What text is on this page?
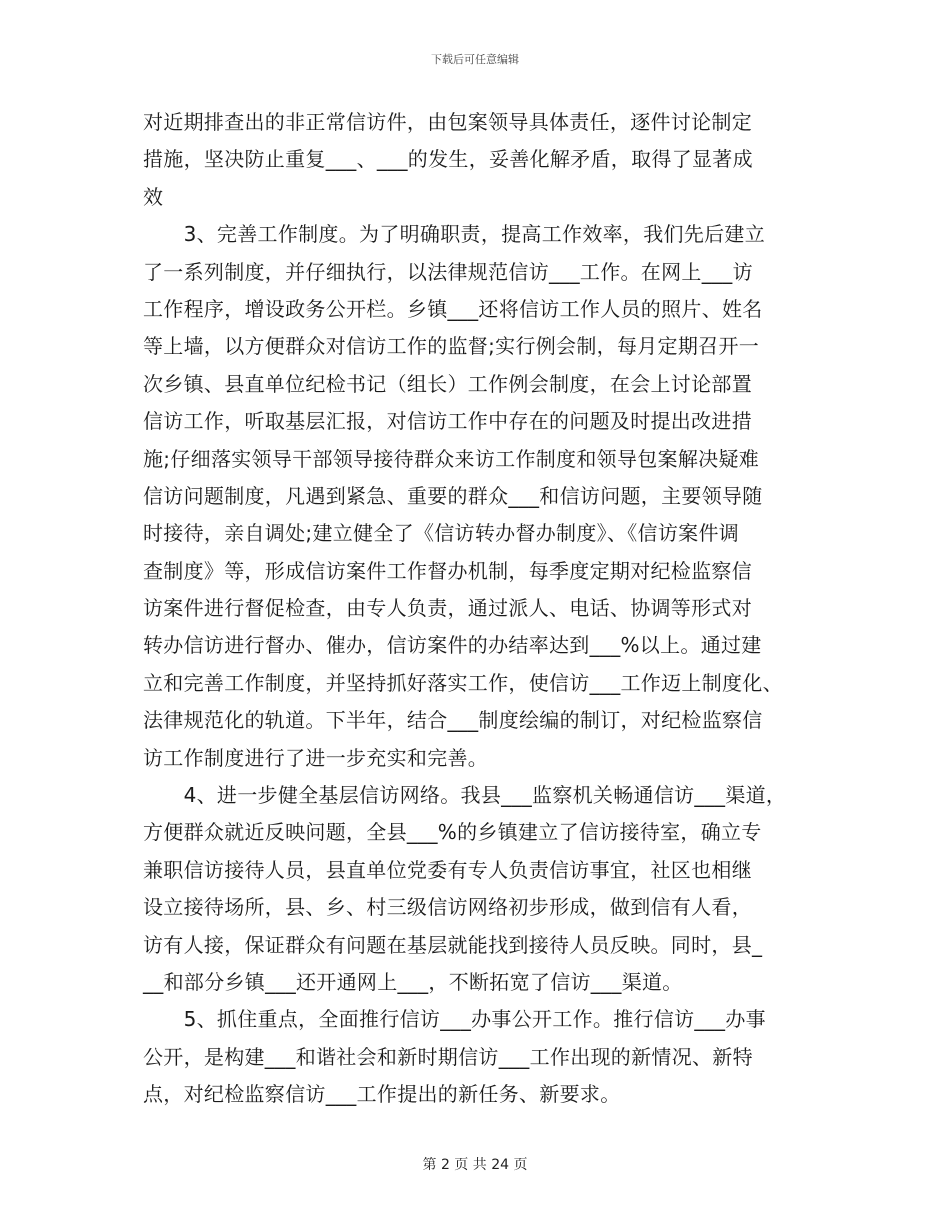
下载后可任意编辑
对近期排查出的非正常信访件，由包案领导具体责任，逐件讨论制定
措施，坚决防止重复___、___的发生，妥善化解矛盾，取得了显著成
效
　　3、完善工作制度。为了明确职责，提高工作效率，我们先后建立
了一系列制度，并仔细执行，以法律规范信访___工作。在网上___访
工作程序，增设政务公开栏。乡镇___还将信访工作人员的照片、姓名
等上墙，以方便群众对信访工作的监督;实行例会制，每月定期召开一
次乡镇、县直单位纪检书记（组长）工作例会制度，在会上讨论部置
信访工作，听取基层汇报，对信访工作中存在的问题及时提出改进措
施;仔细落实领导干部领导接待群众来访工作制度和领导包案解决疑难
信访问题制度，凡遇到紧急、重要的群众___和信访问题，主要领导随
时接待，亲自调处;建立健全了《信访转办督办制度》、《信访案件调
查制度》等，形成信访案件工作督办机制，每季度定期对纪检监察信
访案件进行督促检查，由专人负责，通过派人、电话、协调等形式对
转办信访进行督办、催办，信访案件的办结率达到___%以上。通过建
立和完善工作制度，并坚持抓好落实工作，使信访___工作迈上制度化、
法律规范化的轨道。下半年，结合___制度绘编的制订，对纪检监察信
访工作制度进行了进一步充实和完善。
　　4、进一步健全基层信访网络。我县___监察机关畅通信访___渠道，
方便群众就近反映问题，全县___%的乡镇建立了信访接待室，确立专
兼职信访接待人员，县直单位党委有专人负责信访事宜，社区也相继
设立接待场所，县、乡、村三级信访网络初步形成，做到信有人看，
访有人接，保证群众有问题在基层就能找到接待人员反映。同时，县_
__和部分乡镇___还开通网上___，不断拓宽了信访___渠道。
　　5、抓住重点，全面推行信访___办事公开工作。推行信访___办事
公开，是构建___和谐社会和新时期信访___工作出现的新情况、新特
点，对纪检监察信访___工作提出的新任务、新要求。
第 2 页 共 24 页
